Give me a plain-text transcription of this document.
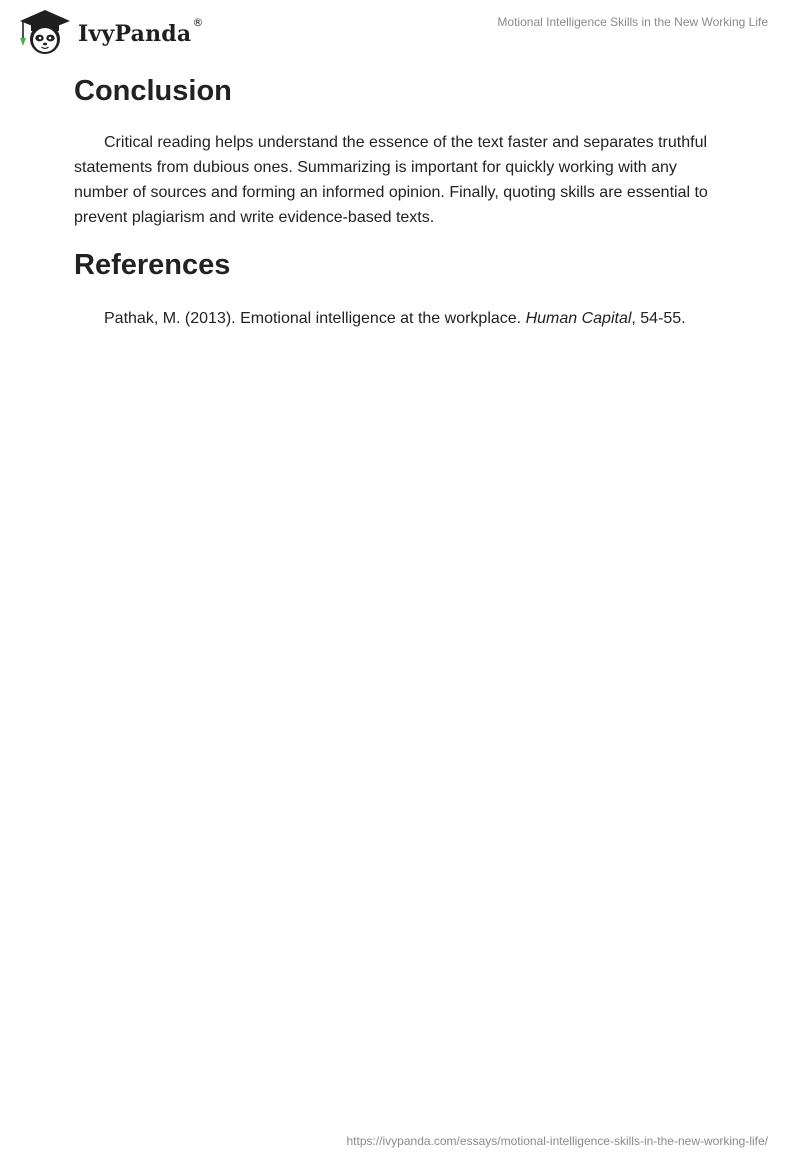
IvyPanda ®	Motional Intelligence Skills in the New Working Life
Conclusion

Critical reading helps understand the essence of the text faster and separates truthful statements from dubious ones. Summarizing is important for quickly working with any number of sources and forming an informed opinion. Finally, quoting skills are essential to prevent plagiarism and write evidence-based texts.

References

Pathak, M. (2013). Emotional intelligence at the workplace. Human Capital, 54-55.

https://ivypanda.com/essays/motional-intelligence-skills-in-the-new-working-life/
